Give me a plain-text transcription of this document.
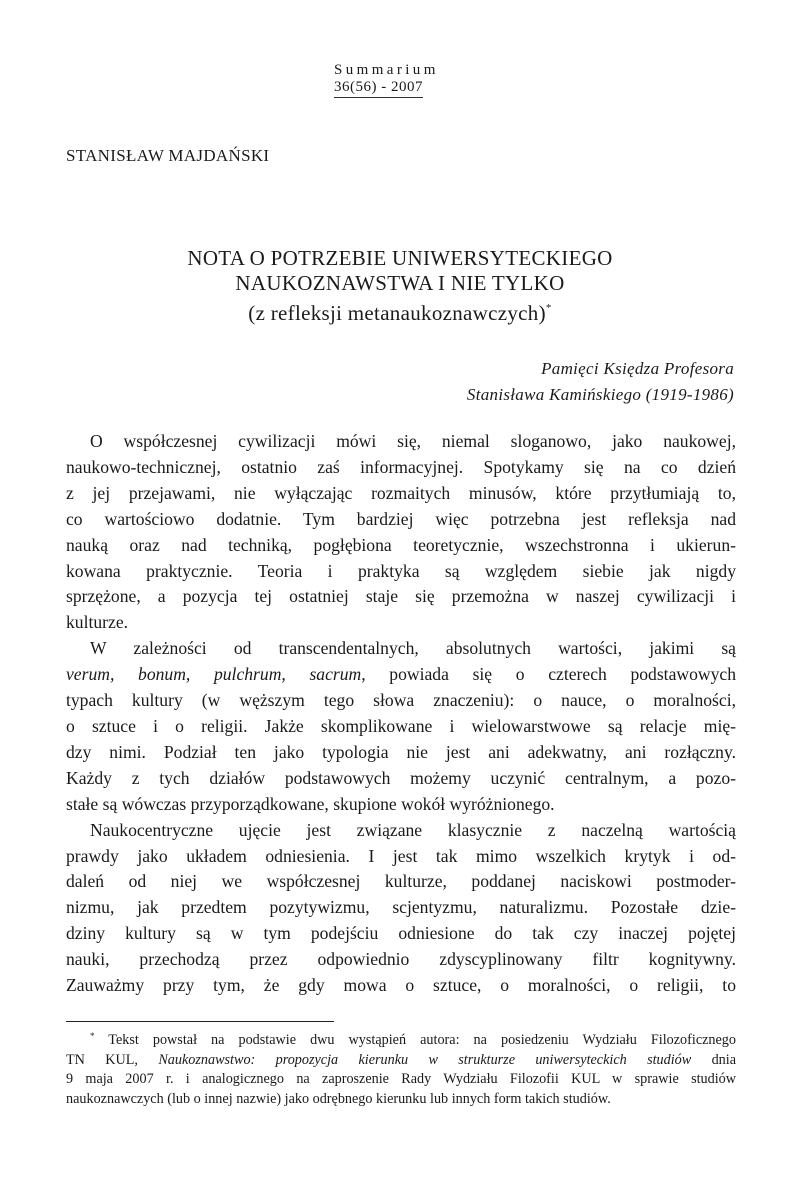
Summarium
36(56) - 2007
STANISŁAW MAJDAŃSKI
NOTA O POTRZEBIE UNIWERSYTECKIEGO
NAUKOZNAWSTWA I NIE TYLKO
(z refleksji metanaukoznawczych)*
Pamięci Księdza Profesora
Stanisława Kamińskiego (1919-1986)

O współczesnej cywilizacji mówi się, niemal sloganowo, jako naukowej,
naukowo-technicznej, ostatnio zaś informacyjnej. Spotykamy się na co dzień
z jej przejawami, nie wyłączając rozmaitych minusów, które przytłumiają to,
co wartościowo dodatnie. Tym bardziej więc potrzebna jest refleksja nad
nauką oraz nad techniką, pogłębiona teoretycznie, wszechstronna i ukierun-
kowana praktycznie. Teoria i praktyka są względem siebie jak nigdy
sprzężone, a pozycja tej ostatniej staje się przemożna w naszej cywilizacji i
kulturze.

W zależności od transcendentalnych, absolutnych wartości, jakimi są
verum, bonum, pulchrum, sacrum, powiada się o czterech podstawowych
typach kultury (w węższym tego słowa znaczeniu): o nauce, o moralności,
o sztuce i o religii. Jakże skomplikowane i wielowarstwowe są relacje mię-
dzy nimi. Podział ten jako typologia nie jest ani adekwatny, ani rozłączny.
Każdy z tych działów podstawowych możemy uczynić centralnym, a pozo-
stałe są wówczas przyporządkowane, skupione wokół wyróżnionego.

Naukocentryczne ujęcie jest związane klasycznie z naczelną wartością
prawdy jako układem odniesienia. I jest tak mimo wszelkich krytyk i od-
daleń od niej we współczesnej kulturze, poddanej naciskowi postmoder-
nizmu, jak przedtem pozytywizmu, scjentyzmu, naturalizmu. Pozostałe dzie-
dziny kultury są w tym podejściu odniesione do tak czy inaczej pojętej
nauki, przechodzą przez odpowiednio zdyscyplinowany filtr kognitywny.
Zauważmy przy tym, że gdy mowa o sztuce, o moralności, o religii, to

* Tekst powstał na podstawie dwu wystąpień autora: na posiedzeniu Wydziału Filozoficznego
TN KUL, Naukoznawstwo: propozycja kierunku w strukturze uniwersyteckich studiów dnia
9 maja 2007 r. i analogicznego na zaproszenie Rady Wydziału Filozofii KUL w sprawie studiów
naukoznawczych (lub o innej nazwie) jako odrębnego kierunku lub innych form takich studiów.
